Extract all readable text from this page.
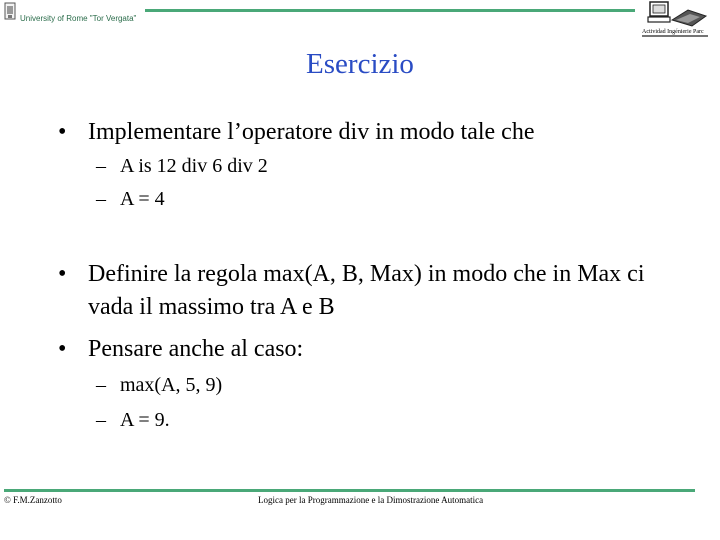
University of Rome "Tor Vergata"
Actividad Ingénierie Parc
Esercizio
• Implementare l’operatore div in modo tale che
– A is 12 div 6 div 2
– A = 4
• Definire la regola max(A, B, Max) in modo che in Max ci vada il massimo tra A e B
• Pensare anche al caso:
– max(A, 5, 9)
– A = 9.
© F.M.Zanzotto	Logica per la Programmazione e la Dimostrazione Automatica
